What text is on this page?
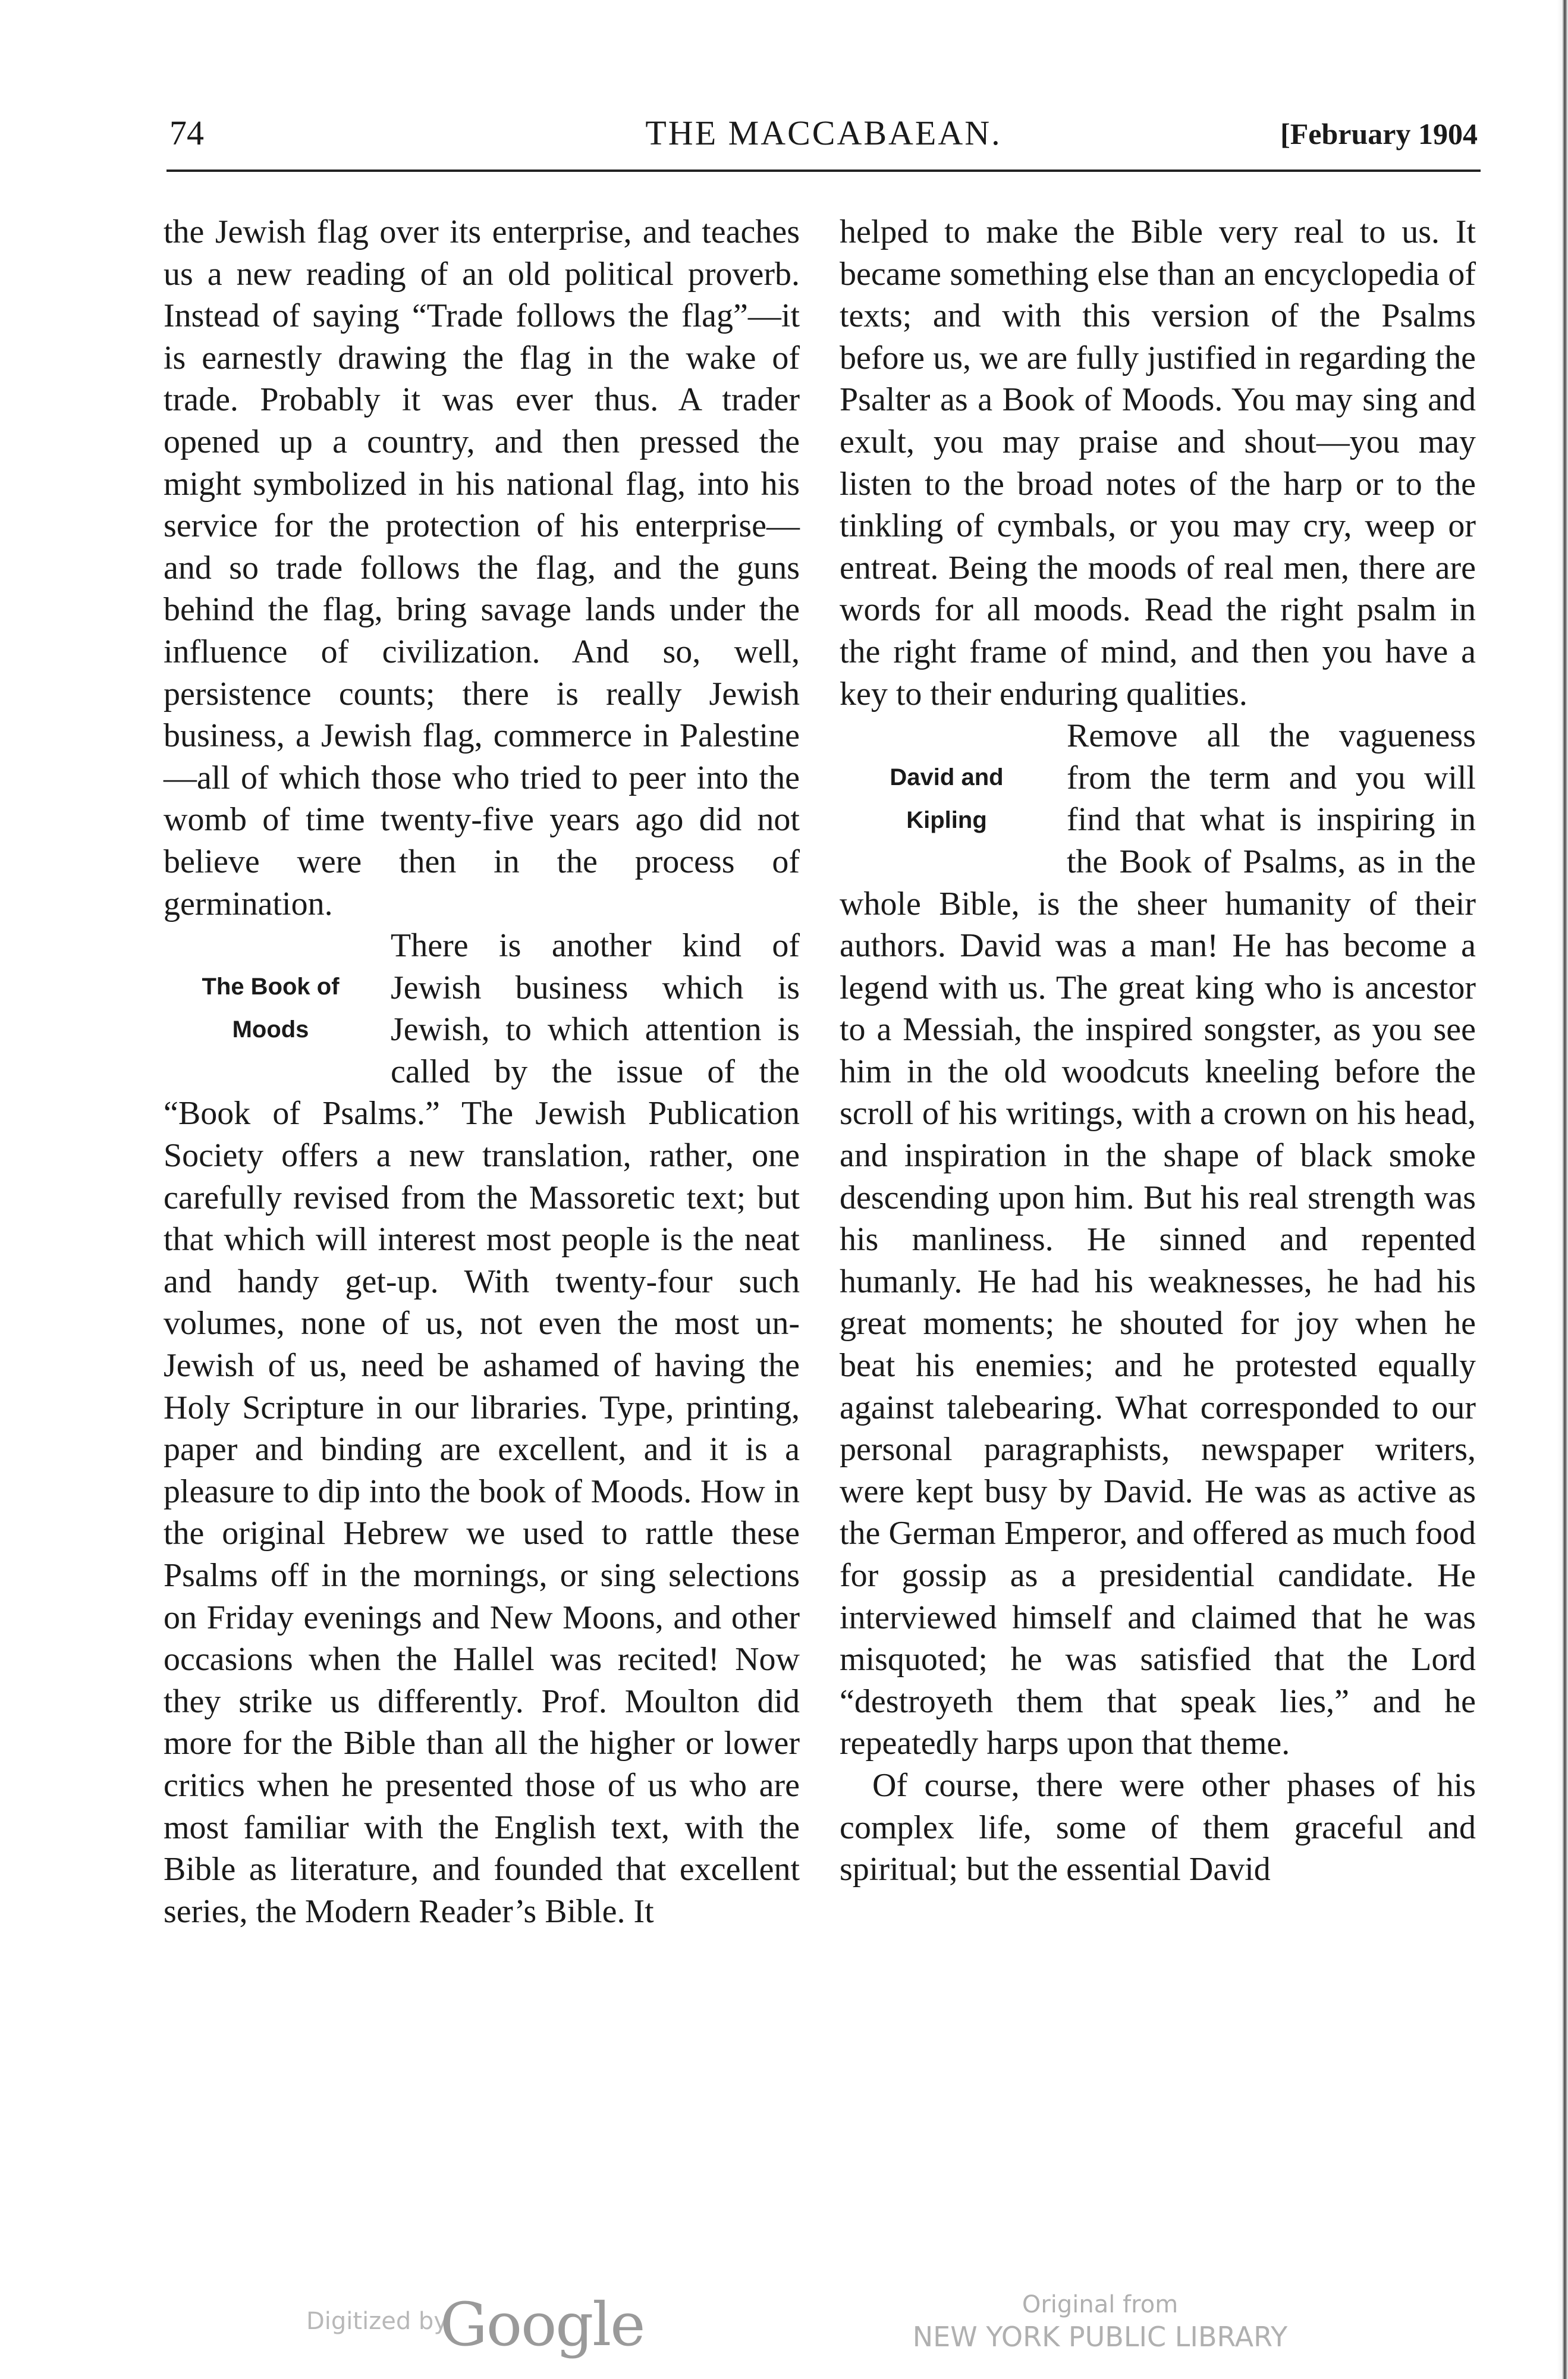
74	THE MACCABAEAN.	[February 1904

the Jewish flag over its enterprise, and teaches us a new reading of an old political proverb. Instead of saying “Trade follows the flag”—it is earnestly drawing the flag in the wake of trade. Probably it was ever thus. A trader opened up a country, and then pressed the might symbolized in his national flag, into his service for the protection of his enterprise—and so trade follows the flag, and the guns behind the flag, bring savage lands under the influence of civilization. And so, well, persistence counts; there is really Jewish business, a Jewish flag, commerce in Palestine—all of which those who tried to peer into the womb of time twenty-five years ago did not believe were then in the process of germination.

The Book of
Moods

There is another kind of Jewish business which is Jewish, to which attention is called by the issue of the “Book of Psalms.” The Jewish Publication Society offers a new translation, rather, one carefully revised from the Massoretic text; but that which will interest most people is the neat and handy get-up. With twenty-four such volumes, none of us, not even the most un-Jewish of us, need be ashamed of having the Holy Scripture in our libraries. Type, printing, paper and binding are excellent, and it is a pleasure to dip into the book of Moods. How in the original Hebrew we used to rattle these Psalms off in the mornings, or sing selections on Friday evenings and New Moons, and other occasions when the Hallel was recited! Now they strike us differently. Prof. Moulton did more for the Bible than all the higher or lower critics when he presented those of us who are most familiar with the English text, with the Bible as literature, and founded that excellent series, the Modern Reader’s Bible. It

helped to make the Bible very real to us. It became something else than an encyclopedia of texts; and with this version of the Psalms before us, we are fully justified in regarding the Psalter as a Book of Moods. You may sing and exult, you may praise and shout—you may listen to the broad notes of the harp or to the tinkling of cymbals, or you may cry, weep or entreat. Being the moods of real men, there are words for all moods. Read the right psalm in the right frame of mind, and then you have a key to their enduring qualities.

David and
Kipling

Remove all the vagueness from the term and you will find that what is inspiring in the Book of Psalms, as in the whole Bible, is the sheer humanity of their authors. David was a man! He has become a legend with us. The great king who is ancestor to a Messiah, the inspired songster, as you see him in the old woodcuts kneeling before the scroll of his writings, with a crown on his head, and inspiration in the shape of black smoke descending upon him. But his real strength was his manliness. He sinned and repented humanly. He had his weaknesses, he had his great moments; he shouted for joy when he beat his enemies; and he protested equally against talebearing. What corresponded to our personal paragraphists, newspaper writers, were kept busy by David. He was as active as the German Emperor, and offered as much food for gossip as a presidential candidate. He interviewed himself and claimed that he was misquoted; he was satisfied that the Lord “destroyeth them that speak lies,” and he repeatedly harps upon that theme.

Of course, there were other phases of his complex life, some of them graceful and spiritual; but the essential David

Digitized by
Google	Original from
NEW YORK PUBLIC LIBRARY
